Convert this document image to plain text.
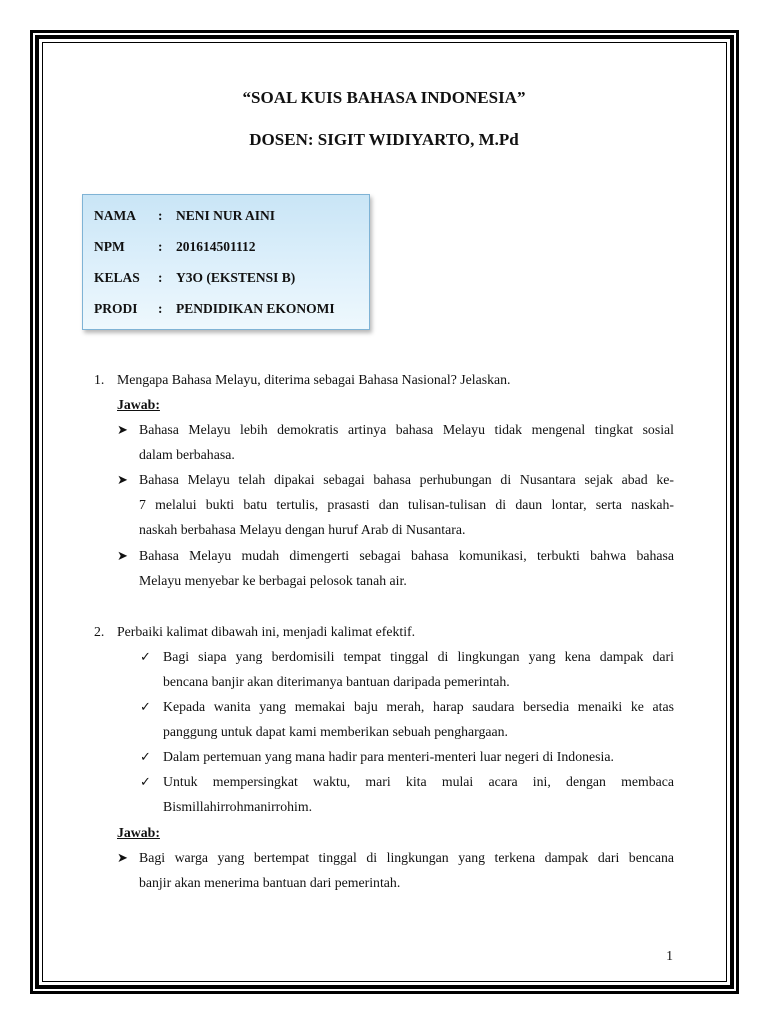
“SOAL KUIS BAHASA INDONESIA”
DOSEN: SIGIT WIDIYARTO, M.Pd
NAMA : NENI NUR AINI
NPM : 201614501112
KELAS : Y3O (EKSTENSI B)
PRODI : PENDIDIKAN EKONOMI
1. Mengapa Bahasa Melayu, diterima sebagai Bahasa Nasional? Jelaskan.
Jawab:
➤ Bahasa Melayu lebih demokratis artinya bahasa Melayu tidak mengenal tingkat sosial
dalam berbahasa.
➤ Bahasa Melayu telah dipakai sebagai bahasa perhubungan di Nusantara sejak abad ke-
7 melalui bukti batu tertulis, prasasti dan tulisan-tulisan di daun lontar, serta naskah-
naskah berbahasa Melayu dengan huruf Arab di Nusantara.
➤ Bahasa Melayu mudah dimengerti sebagai bahasa komunikasi, terbukti bahwa bahasa
Melayu menyebar ke berbagai pelosok tanah air.
2. Perbaiki kalimat dibawah ini, menjadi kalimat efektif.
✓ Bagi siapa yang berdomisili tempat tinggal di lingkungan yang kena dampak dari
bencana banjir akan diterimanya bantuan daripada pemerintah.
✓ Kepada wanita yang memakai baju merah, harap saudara bersedia menaiki ke atas
panggung untuk dapat kami memberikan sebuah penghargaan.
✓ Dalam pertemuan yang mana hadir para menteri-menteri luar negeri di Indonesia.
✓ Untuk mempersingkat waktu, mari kita mulai acara ini, dengan membaca
Bismillahirrohmanirrohim.
Jawab:
➤ Bagi warga yang bertempat tinggal di lingkungan yang terkena dampak dari bencana
banjir akan menerima bantuan dari pemerintah.
1
